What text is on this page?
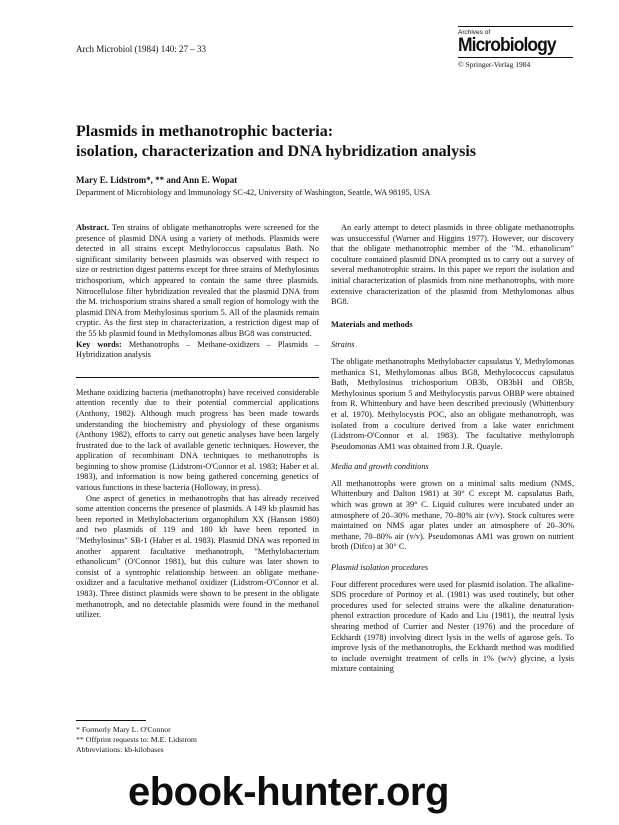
Arch Microbiol (1984) 140: 27 – 33
Archives of
Microbiology
© Springer-Verlag 1984
Plasmids in methanotrophic bacteria:
isolation, characterization and DNA hybridization analysis
Mary E. Lidstrom*, ** and Ann E. Wopat
Department of Microbiology and Immunology SC-42, University of Washington, Seattle, WA 98195, USA

Abstract. Ten strains of obligate methanotrophs were screened for the presence of plasmid DNA using a variety of methods. Plasmids were detected in all strains except Methylococcus capsulatus Bath. No significant similarity between plasmids was observed with respect to size or restriction digest patterns except for three strains of Methylosinus trichosporium, which appeared to contain the same three plasmids. Nitrocellulose filter hybridization revealed that the plasmid DNA from the M. trichosporium strains shared a small region of homology with the plasmid DNA from Methylosinus sporium 5. All of the plasmids remain cryptic. As the first step in characterization, a restriction digest map of the 55 kb plasmid found in Methylomonas albus BG8 was constructed.

Key words: Methanotrophs – Methane-oxidizers – Plasmids – Hybridization analysis

Methane oxidizing bacteria (methanotrophs) have received considerable attention recently due to their potential commercial applications (Anthony, 1982). Although much progress has been made towards understanding the biochemistry and physiology of these organisms (Anthony 1982), efforts to carry out genetic analyses have been largely frustrated due to the lack of available genetic techniques. However, the application of recombinant DNA techniques to methanotrophs is beginning to show promise (Lidstrom-O'Connor et al. 1983; Haber et al. 1983), and information is now being gathered concerning genetics of various functions in these bacteria (Holloway, in press).

One aspect of genetics in methanotrophs that has already received some attention concerns the presence of plasmids. A 149 kb plasmid has been reported in Methylobacterium organophilum XX (Hanson 1980) and two plasmids of 119 and 180 kb have been reported in "Methylosinus" SB-1 (Haber et al. 1983). Plasmid DNA was reported in another apparent facultative methanotroph, "Methylobacterium ethanolicum" (O'Connor 1981), but this culture was later shown to consist of a syntrophic relationship between an obligate methane-oxidizer and a facultative methanol oxidizer (Lidstrom-O'Connor et al. 1983). Three distinct plasmids were shown to be present in the obligate methanotroph, and no detectable plasmids were found in the methanol utilizer.

* Formerly Mary L. O'Connor

** Offprint requests to: M.E. Lidstrom

Abbreviations: kb-kilobases

An early attempt to detect plasmids in three obligate methanotrophs was unsuccessful (Warner and Higgins 1977). However, our discovery that the obligate methanotrophic member of the "M. ethanolicum" coculture contained plasmid DNA prompted us to carry out a survey of several methanotrophic strains. In this paper we report the isolation and initial characterization of plasmids from nine methanotrophs, with more extensive characterization of the plasmid from Methylomonas albus BG8.

Materials and methods
Strains

The obligate methanotrophs Methylobacter capsulatus Y, Methylomonas methanica S1, Methylomonas albus BG8, Methylococcus capsulatus Bath, Methylosinus trichosporium OB3b, OB3bH and OB5b, Methylosinus sporium 5 and Methylocystis parvus OBBP were obtained from R. Whittenbury and have been described previously (Whittenbury et al. 1970). Methylocystis POC, also an obligate methanotroph, was isolated from a coculture derived from a lake water enrichment (Lidstrom-O'Connor et al. 1983). The facultative methylotroph Pseudomonas AM1 was obtained from J.R. Quayle.

Media and growth conditions

All methanotrophs were grown on a minimal salts medium (NMS, Whittenbury and Dalton 1981) at 30° C except M. capsulatus Bath, which was grown at 39° C. Liquid cultures were incubated under an atmosphere of 20–30% methane, 70–80% air (v/v). Stock cultures were maintained on NMS agar plates under an atmosphere of 20–30% methane, 70–80% air (v/v). Pseudomonas AM1 was grown on nutrient broth (Difco) at 30° C.

Plasmid isolation procedures

Four different procedures were used for plasmid isolation. The alkaline-SDS procedure of Portnoy et al. (1981) was used routinely, but other procedures used for selected strains were the alkaline denaturation-phenol extraction procedure of Kado and Liu (1981), the neutral lysis shearing method of Currier and Nester (1976) and the procedure of Eckhardt (1978) involving direct lysis in the wells of agarose gels. To improve lysis of the methanotrophs, the Eckhardt method was modified to include overnight treatment of cells in 1% (w/v) glycine, a lysis mixture containing

ebook-hunter.org
